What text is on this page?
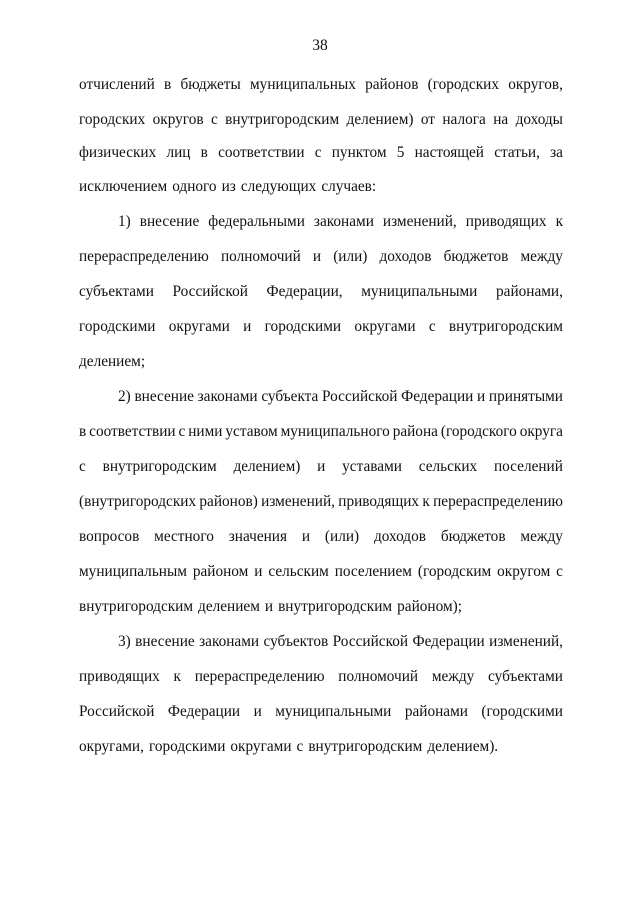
38
отчислений в бюджеты муниципальных районов (городских округов,
городских округов с внутригородским делением) от налога на доходы
физических лиц в соответствии с пунктом 5 настоящей статьи, за
исключением одного из следующих случаев:
1) внесение федеральными законами изменений, приводящих к
перераспределению полномочий и (или) доходов бюджетов между
субъектами Российской Федерации, муниципальными районами,
городскими округами и городскими округами с внутригородским
делением;
2) внесение законами субъекта Российской Федерации и принятыми
в соответствии с ними уставом муниципального района (городского округа
с внутригородским делением) и уставами сельских поселений
(внутригородских районов) изменений, приводящих к перераспределению
вопросов местного значения и (или) доходов бюджетов между
муниципальным районом и сельским поселением (городским округом с
внутригородским делением и внутригородским районом);
3) внесение законами субъектов Российской Федерации изменений,
приводящих к перераспределению полномочий между субъектами
Российской Федерации и муниципальными районами (городскими
округами, городскими округами с внутригородским делением).
